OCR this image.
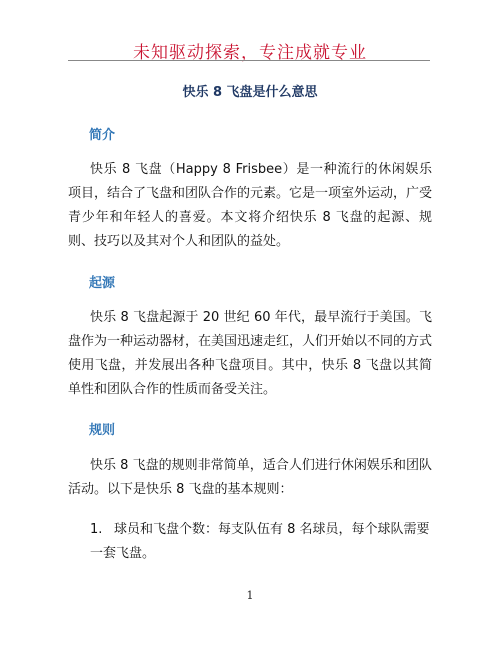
未知驱动探索，专注成就专业
快乐 8 飞盘是什么意思
简介
快乐 8 飞盘（Happy 8 Frisbee）是一种流行的休闲娱乐项目，结合了飞盘和团队合作的元素。它是一项室外运动，广受青少年和年轻人的喜爱。本文将介绍快乐 8 飞盘的起源、规则、技巧以及其对个人和团队的益处。
起源
快乐 8 飞盘起源于 20 世纪 60 年代，最早流行于美国。飞盘作为一种运动器材，在美国迅速走红，人们开始以不同的方式使用飞盘，并发展出各种飞盘项目。其中，快乐 8 飞盘以其简单性和团队合作的性质而备受关注。
规则
快乐 8 飞盘的规则非常简单，适合人们进行休闲娱乐和团队活动。以下是快乐 8 飞盘的基本规则：
1. 球员和飞盘个数：每支队伍有 8 名球员，每个球队需要一套飞盘。
1
